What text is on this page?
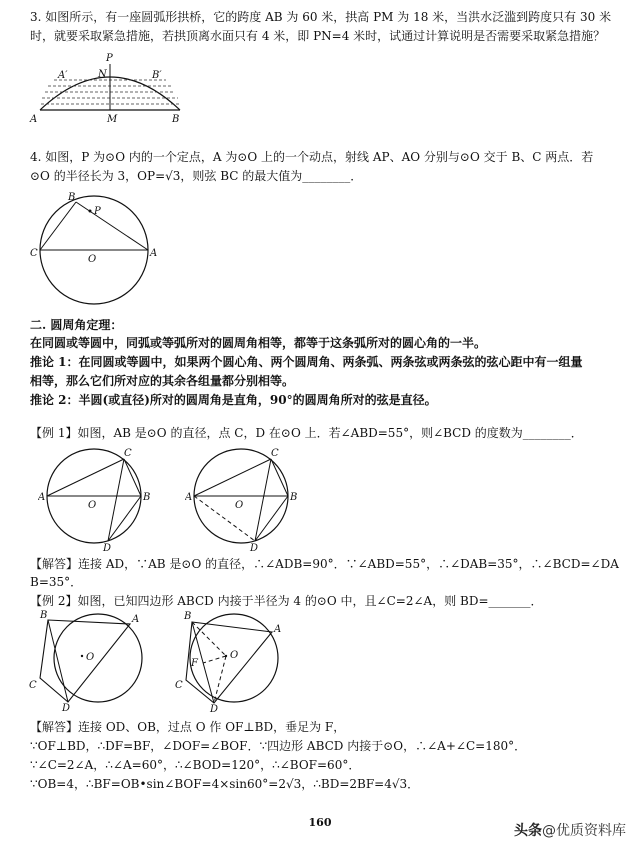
3. 如图所示，有一座圆弧形拱桥，它的跨度 AB 为 60 米，拱高 PM 为 18 米，当洪水泛滥到跨度只有 30 米
时，就要采取紧急措施，若拱顶离水面只有 4 米，即 PN=4 米时，试通过计算说明是否需要采取紧急措施？
P
N
A′	B′
A	M	B
4. 如图，P 为⊙O 内的一个定点，A 为⊙O 上的一个动点，射线 AP、AO 分别与⊙O 交于 B、C 两点．若
⊙O 的半径长为 3，OP=√3，则弦 BC 的最大值为________．
B
P
C
O
A
二. 圆周角定理：
在同圆或等圆中，同弧或等弧所对的圆周角相等，都等于这条弧所对的圆心角的一半。
推论 1：在同圆或等圆中，如果两个圆心角、两个圆周角、两条弧、两条弦或两条弦的弦心距中有一组量
相等，那么它们所对应的其余各组量都分别相等。
推论 2：半圆(或直径)所对的圆周角是直角，90°的圆周角所对的弦是直径。
【例 1】如图，AB 是⊙O 的直径，点 C，D 在⊙O 上．若∠ABD=55°，则∠BCD 的度数为________．
C
A
O
B
D
C
A
O
B
D
【解答】连接 AD，∵AB 是⊙O 的直径，∴∠ADB=90°．∵∠ABD=55°，∴∠DAB=35°，∴∠BCD=∠DAB=35°．
【例 2】如图，已知四边形 ABCD 内接于半径为 4 的⊙O 中，且∠C=2∠A，则 BD=_______．
B	A
O
C
D
B
A
O
F
C
D
【解答】连接 OD、OB，过点 O 作 OF⊥BD，垂足为 F，
∵OF⊥BD，∴DF=BF，∠DOF=∠BOF．∵四边形 ABCD 内接于⊙O，∴∠A+∠C=180°．
∵∠C=2∠A，∴∠A=60°，∴∠BOD=120°，∴∠BOF=60°．
∵OB=4，∴BF=OB•sin∠BOF=4×sin60°=2√3，∴BD=2BF=4√3．
160
头条@优质资料库
